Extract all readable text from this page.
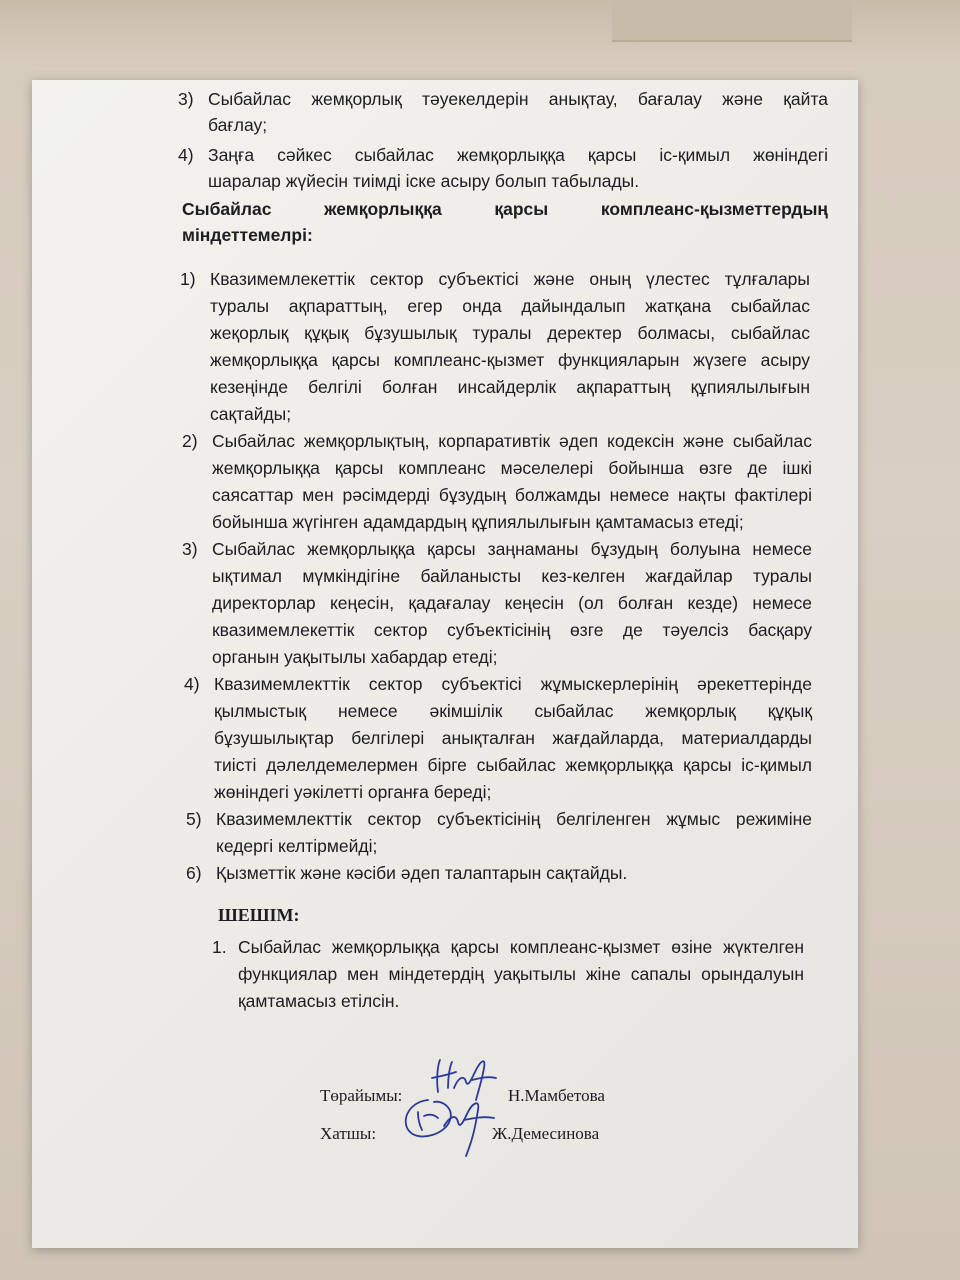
3) Сыбайлас жемқорлық тәуекелдерін анықтау, бағалау және қайта
бағлау;
4) Заңға сәйкес сыбайлас жемқорлыққа қарсы іс-қимыл жөніндегі
шаралар жүйесін тиімді іске асыру болып табылады.
Сыбайлас жемқорлыққа қарсы комплеанс-қызметтердың
міндеттемелрі:
1) Квазимемлекеттік сектор субъектісі және оның үлестес тұлғалары
туралы ақпараттың, егер онда дайындалып жатқана сыбайлас
жеқорлық құқық бұзушылық туралы деректер болмасы, сыбайлас
жемқорлыққа қарсы комплеанс-қызмет функцияларын жүзеге асыру
кезеңінде белгілі болған инсайдерлік ақпараттың құпиялылығын
сақтайды;
2) Сыбайлас жемқорлықтың, корпаративтік әдеп кодексін және сыбайлас
жемқорлыққа қарсы комплеанс мәселелері бойынша өзге де ішкі
саясаттар мен рәсімдерді бұзудың болжамды немесе нақты фактілері
бойынша жүгінген адамдардың құпиялылығын қамтамасыз етеді;
3) Сыбайлас жемқорлыққа қарсы заңнаманы бұзудың болуына немесе
ықтимал мүмкіндігіне байланысты кез-келген жағдайлар туралы
директорлар кеңесін, қадағалау кеңесін (ол болған кезде) немесе
квазимемлекеттік сектор субъектісінің өзге де тәуелсіз басқару
органын уақытылы хабардар етеді;
4) Квазимемлекттік сектор субъектісі жұмыскерлерінің әрекеттерінде
қылмыстық немесе әкімшілік сыбайлас жемқорлық құқық
бұзушылықтар белгілері анықталған жағдайларда, материалдарды
тиісті дәлелдемелермен бірге сыбайлас жемқорлыққа қарсы іс-қимыл
жөніндегі уәкілетті органға береді;
5) Квазимемлекттік сектор субъектісінің белгіленген жұмыс режиміне
кедергі келтірмейді;
6) Қызметтік және кәсіби әдеп талаптарын сақтайды.
ШЕШІМ:
1. Сыбайлас жемқорлыққа қарсы комплеанс-қызмет өзіне жүктелген
функциялар мен міндетердің уақытылы жіне сапалы орындалуын
қамтамасыз етілсін.
Төрайымы:	Н.Мамбетова
Хатшы:	Ж.Демесинова
